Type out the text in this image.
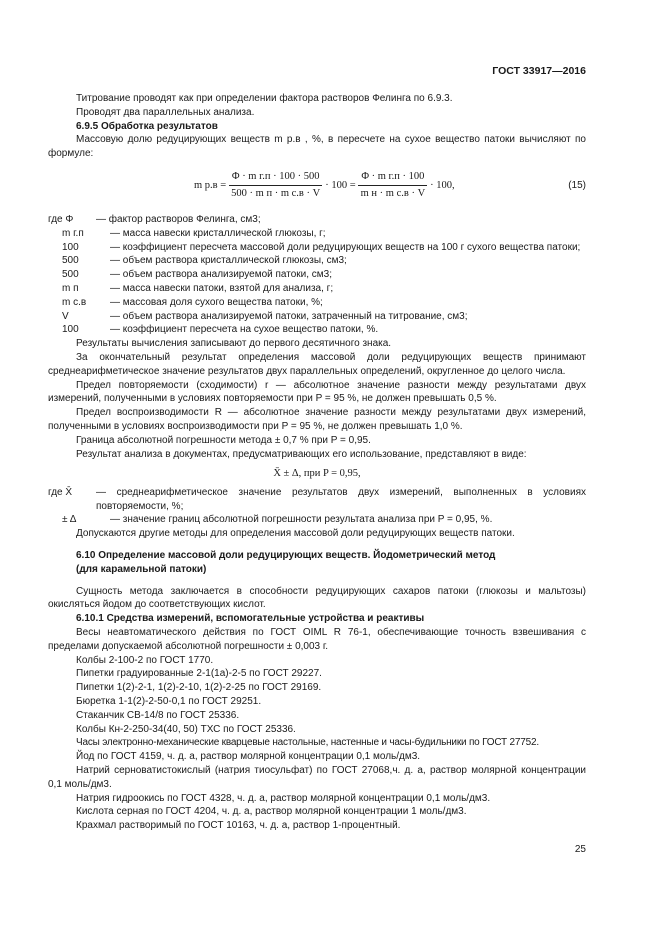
ГОСТ 33917—2016

Титрование проводят как при определении фактора растворов Фелинга по 6.9.3.

Проводят два параллельных анализа.

6.9.5 Обработка результатов

Массовую долю редуцирующих веществ m р.в , %, в пересчете на сухое вещество патоки вычисляют по формуле:

m $р.в = \frac{\text{Φ · m г.п · 100 · 500}}{\text{500 · m п · m с.в · V}} \cdot 100 = \frac{\text{Φ · m г.п · 100}}{\text{m н · m с.в · V}} \cdot 100$,	(15)
где Φ	— фактор растворов Фелинга, см3;
m г.п	— масса навески кристаллической глюкозы, г;
100	— коэффициент пересчета массовой доли редуцирующих веществ на 100 г сухого вещества патоки;
500	— объем раствора кристаллической глюкозы, см3;
500	— объем раствора анализируемой патоки, см3;
m п	— масса навески патоки, взятой для анализа, г;
m с.в	— массовая доля сухого вещества патоки, %;
V	— объем раствора анализируемой патоки, затраченный на титрование, см3;
100	— коэффициент пересчета на сухое вещество патоки, %.

Результаты вычисления записывают до первого десятичного знака.

За окончательный результат определения массовой доли редуцирующих веществ принимают среднеарифметическое значение результатов двух параллельных определений, округленное до целого числа.

Предел повторяемости (сходимости) r — абсолютное значение разности между результатами двух измерений, полученными в условиях повторяемости при P = 95 %, не должен превышать 0,5 %.

Предел воспроизводимости R — абсолютное значение разности между результатами двух измерений, полученными в условиях воспроизводимости при P = 95 %, не должен превышать 1,0 %.

Граница абсолютной погрешности метода ± 0,7 % при P = 0,95.

Результат анализа в документах, предусматривающих его использование, представляют в виде:

X̄ ± Δ, при P = 0,95,

где X̄	— среднеарифметическое значение результатов двух измерений, выполненных в условиях повторяемости, %;
± Δ	— значение границ абсолютной погрешности результата анализа при P = 0,95, %.

Допускаются другие методы для определения массовой доли редуцирующих веществ патоки.

6.10 Определение массовой доли редуцирующих веществ. Йодометрический метод

(для карамельной патоки)

Сущность метода заключается в способности редуцирующих сахаров патоки (глюкозы и мальтозы) окисляться йодом до соответствующих кислот.

6.10.1 Средства измерений, вспомогательные устройства и реактивы

Весы неавтоматического действия по ГОСТ OIML R 76-1, обеспечивающие точность взвешивания с пределами допускаемой абсолютной погрешности ± 0,003 г.

Колбы 2-100-2 по ГОСТ 1770.

Пипетки градуированные 2-1(1а)-2-5 по ГОСТ 29227.

Пипетки 1(2)-2-1, 1(2)-2-10, 1(2)-2-25 по ГОСТ 29169.

Бюретка 1-1(2)-2-50-0,1 по ГОСТ 29251.

Стаканчик СВ-14/8 по ГОСТ 25336.

Колбы Кн-2-250-34(40, 50) ТХС по ГОСТ 25336.

Часы электронно-механические кварцевые настольные, настенные и часы-будильники по ГОСТ 27752.

Йод по ГОСТ 4159, ч. д. а, раствор молярной концентрации 0,1 моль/дм3.

Натрий серноватистокислый (натрия тиосульфат) по ГОСТ 27068,ч. д. а, раствор молярной концентрации 0,1 моль/дм3.

Натрия гидроокись по ГОСТ 4328, ч. д. а, раствор молярной концентрации 0,1 моль/дм3.

Кислота серная по ГОСТ 4204, ч. д. а, раствор молярной концентрации 1 моль/дм3.

Крахмал растворимый по ГОСТ 10163, ч. д. а, раствор 1-процентный.

25
